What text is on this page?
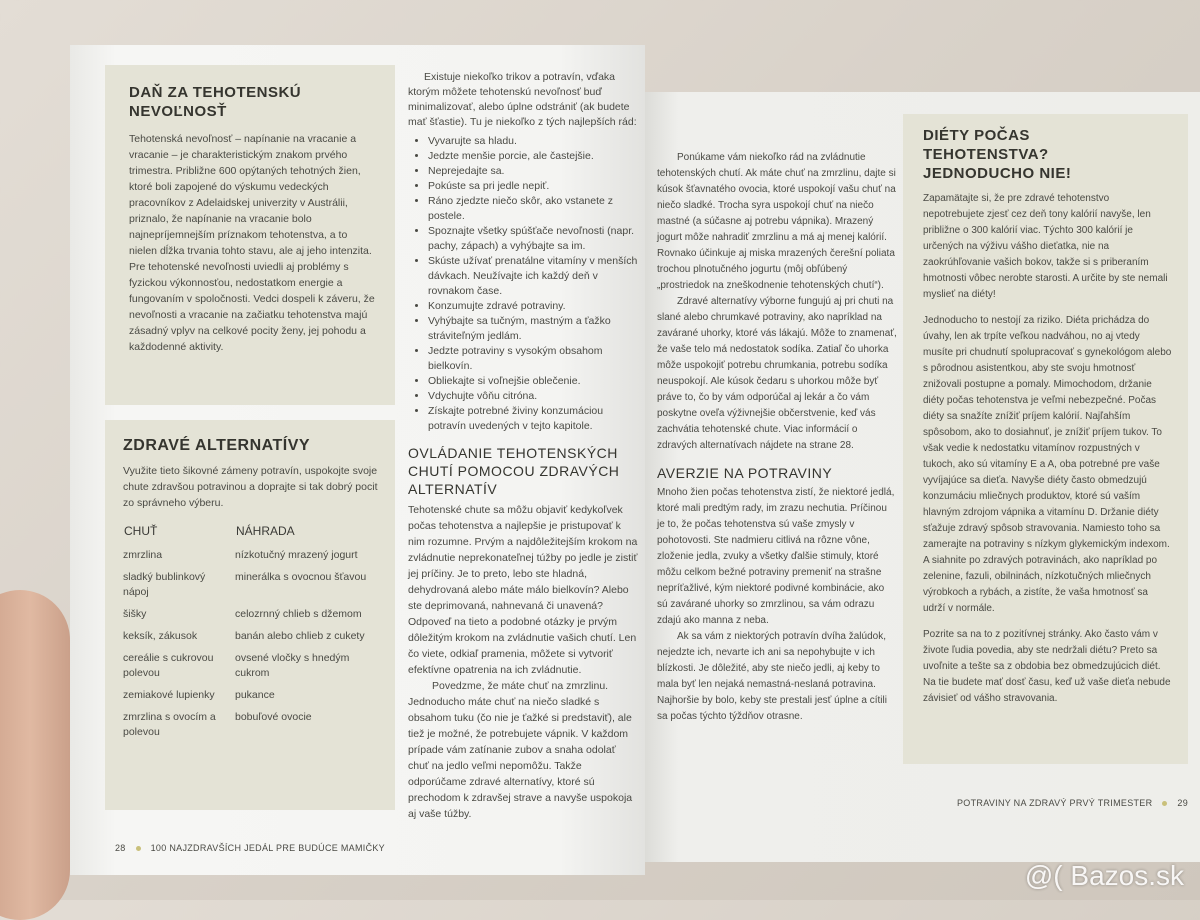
DAŇ ZA TEHOTENSKÚ NEVOĽNOSŤ

Tehotenská nevoľnosť – napínanie na vracanie a vracanie – je charakteristickým znakom prvého trimestra. Približne 600 opýtaných tehotných žien, ktoré boli zapojené do výskumu vedeckých pracovníkov z Adelaidskej univerzity v Austrálii, priznalo, že napínanie na vracanie bolo najnepríjemnejším príznakom tehotenstva, a to nielen dĺžka trvania tohto stavu, ale aj jeho intenzita. Pre tehotenské nevoľnosti uviedli aj problémy s fyzickou výkonnosťou, nedostatkom energie a fungovaním v spoločnosti. Vedci dospeli k záveru, že nevoľnosti a vracanie na začiatku tehotenstva majú zásadný vplyv na celkové pocity ženy, jej pohodu a každodenné aktivity.

ZDRAVÉ ALTERNATÍVY

Využite tieto šikovné zámeny potravín, uspokojte svoje chute zdravšou potravinou a doprajte si tak dobrý pocit zo správneho výberu.

CHUŤ	NÁHRADA
zmrzlina	nízkotučný mrazený jogurt
sladký bublinkový nápoj	minerálka s ovocnou šťavou
šišky	celozrnný chlieb s džemom
keksík, zákusok	banán alebo chlieb z cukety
cereálie s cukrovou polevou	ovsené vločky s hnedým cukrom
zemiakové lupienky	pukance
zmrzlina s ovocím a polevou	bobuľové ovocie

Existuje niekoľko trikov a potravín, vďaka ktorým môžete tehotenskú nevoľnosť buď minimalizovať, alebo úplne odstrániť (ak budete mať šťastie). Tu je niekoľko z tých najlepších rád:

• Vyvarujte sa hladu.
• Jedzte menšie porcie, ale častejšie.
• Neprejedajte sa.
• Pokúste sa pri jedle nepiť.
• Ráno zjedzte niečo skôr, ako vstanete z postele.
• Spoznajte všetky spúšťače nevoľnosti (napr. pachy, zápach) a vyhýbajte sa im.
• Skúste užívať prenatálne vitamíny v menších dávkach. Neužívajte ich každý deň v rovnakom čase.
• Konzumujte zdravé potraviny.
• Vyhýbajte sa tučným, mastným a ťažko stráviteľným jedlám.
• Jedzte potraviny s vysokým obsahom bielkovín.
• Obliekajte si voľnejšie oblečenie.
• Vdychujte vôňu citróna.
• Získajte potrebné živiny konzumáciou potravín uvedených v tejto kapitole.
OVLÁDANIE TEHOTENSKÝCH CHUTÍ POMOCOU ZDRAVÝCH ALTERNATÍV

Tehotenské chute sa môžu objaviť kedykoľvek počas tehotenstva a najlepšie je pristupovať k nim rozumne. Prvým a najdôležitejším krokom na zvládnutie neprekonateľnej túžby po jedle je zistiť jej príčiny. Je to preto, lebo ste hladná, dehydrovaná alebo máte málo bielkovín? Alebo ste deprimovaná, nahnevaná či unavená? Odpoveď na tieto a podobné otázky je prvým dôležitým krokom na zvládnutie vašich chutí. Len čo viete, odkiaľ pramenia, môžete si vytvoriť efektívne opatrenia na ich zvládnutie.

Povedzme, že máte chuť na zmrzlinu. Jednoducho máte chuť na niečo sladké s obsahom tuku (čo nie je ťažké si predstaviť), ale tiež je možné, že potrebujete vápnik. V každom prípade vám zatínanie zubov a snaha odolať chuť na jedlo veľmi nepomôžu. Takže odporúčame zdravé alternatívy, ktoré sú prechodom k zdravšej strave a navyše uspokoja aj vaše túžby.

28	100 NAJZDRAVŠÍCH JEDÁL PRE BUDÚCE MAMIČKY

Ponúkame vám niekoľko rád na zvládnutie tehotenských chutí. Ak máte chuť na zmrzlinu, dajte si kúsok šťavnatého ovocia, ktoré uspokojí vašu chuť na niečo sladké. Trocha syra uspokojí chuť na niečo mastné (a súčasne aj potrebu vápnika). Mrazený jogurt môže nahradiť zmrzlinu a má aj menej kalórií. Rovnako účinkuje aj miska mrazených čerešní poliata trochou plnotučného jogurtu (môj obľúbený „prostriedok na zneškodnenie tehotenských chutí“).

Zdravé alternatívy výborne fungujú aj pri chuti na slané alebo chrumkavé potraviny, ako napríklad na zavárané uhorky, ktoré vás lákajú. Môže to znamenať, že vaše telo má nedostatok sodíka. Zatiaľ čo uhorka môže uspokojiť potrebu chrumkania, potrebu sodíka neuspokojí. Ale kúsok čedaru s uhorkou môže byť práve to, čo by vám odporúčal aj lekár a čo vám poskytne oveľa výživnejšie občerstvenie, keď vás zachvátia tehotenské chute. Viac informácií o zdravých alternatívach nájdete na strane 28.

AVERZIE NA POTRAVINY

Mnoho žien počas tehotenstva zistí, že niektoré jedlá, ktoré mali predtým rady, im zrazu nechutia. Príčinou je to, že počas tehotenstva sú vaše zmysly v pohotovosti. Ste nadmieru citlivá na rôzne vône, zloženie jedla, zvuky a všetky ďalšie stimuly, ktoré môžu celkom bežné potraviny premeniť na strašne nepríťažlivé, kým niektoré podivné kombinácie, ako sú zavárané uhorky so zmrzlinou, sa vám odrazu zdajú ako manna z neba.

Ak sa vám z niektorých potravín dvíha žalúdok, nejedzte ich, nevarte ich ani sa nepohybujte v ich blízkosti. Je dôležité, aby ste niečo jedli, aj keby to mala byť len nejaká nemastná-neslaná potravina. Najhoršie by bolo, keby ste prestali jesť úplne a cítili sa počas týchto týždňov otrasne.

DIÉTY POČAS TEHOTENSTVA? JEDNODUCHO NIE!

Zapamätajte si, že pre zdravé tehotenstvo nepotrebujete zjesť cez deň tony kalórií navyše, len približne o 300 kalórií viac. Týchto 300 kalórií je určených na výživu vášho dieťatka, nie na zaokrúhľovanie vašich bokov, takže si s priberaním hmotnosti vôbec nerobte starosti. A určite by ste nemali myslieť na diéty!

Jednoducho to nestojí za riziko. Diéta prichádza do úvahy, len ak trpíte veľkou nadváhou, no aj vtedy musíte pri chudnutí spolupracovať s gynekológom alebo s pôrodnou asistentkou, aby ste svoju hmotnosť znižovali postupne a pomaly. Mimochodom, držanie diéty počas tehotenstva je veľmi nebezpečné. Počas diéty sa snažíte znížiť príjem kalórií. Najľahším spôsobom, ako to dosiahnuť, je znížiť príjem tukov. To však vedie k nedostatku vitamínov rozpustných v tukoch, ako sú vitamíny E a A, oba potrebné pre vaše vyvíjajúce sa dieťa. Navyše diéty často obmedzujú konzumáciu mliečnych produktov, ktoré sú vaším hlavným zdrojom vápnika a vitamínu D. Držanie diéty sťažuje zdravý spôsob stravovania. Namiesto toho sa zamerajte na potraviny s nízkym glykemickým indexom. A siahnite po zdravých potravinách, ako napríklad po zelenine, fazuli, obilninách, nízkotučných mliečnych výrobkoch a rybách, a zistíte, že vaša hmotnosť sa udrží v normále.

Pozrite sa na to z pozitívnej stránky. Ako často vám v živote ľudia povedia, aby ste nedržali diétu? Preto sa uvoľnite a tešte sa z obdobia bez obmedzujúcich diét. Na tie budete mať dosť času, keď už vaše dieťa nebude závisieť od vášho stravovania.

POTRAVINY NA ZDRAVÝ PRVÝ TRIMESTER	29
@( Bazos.sk
